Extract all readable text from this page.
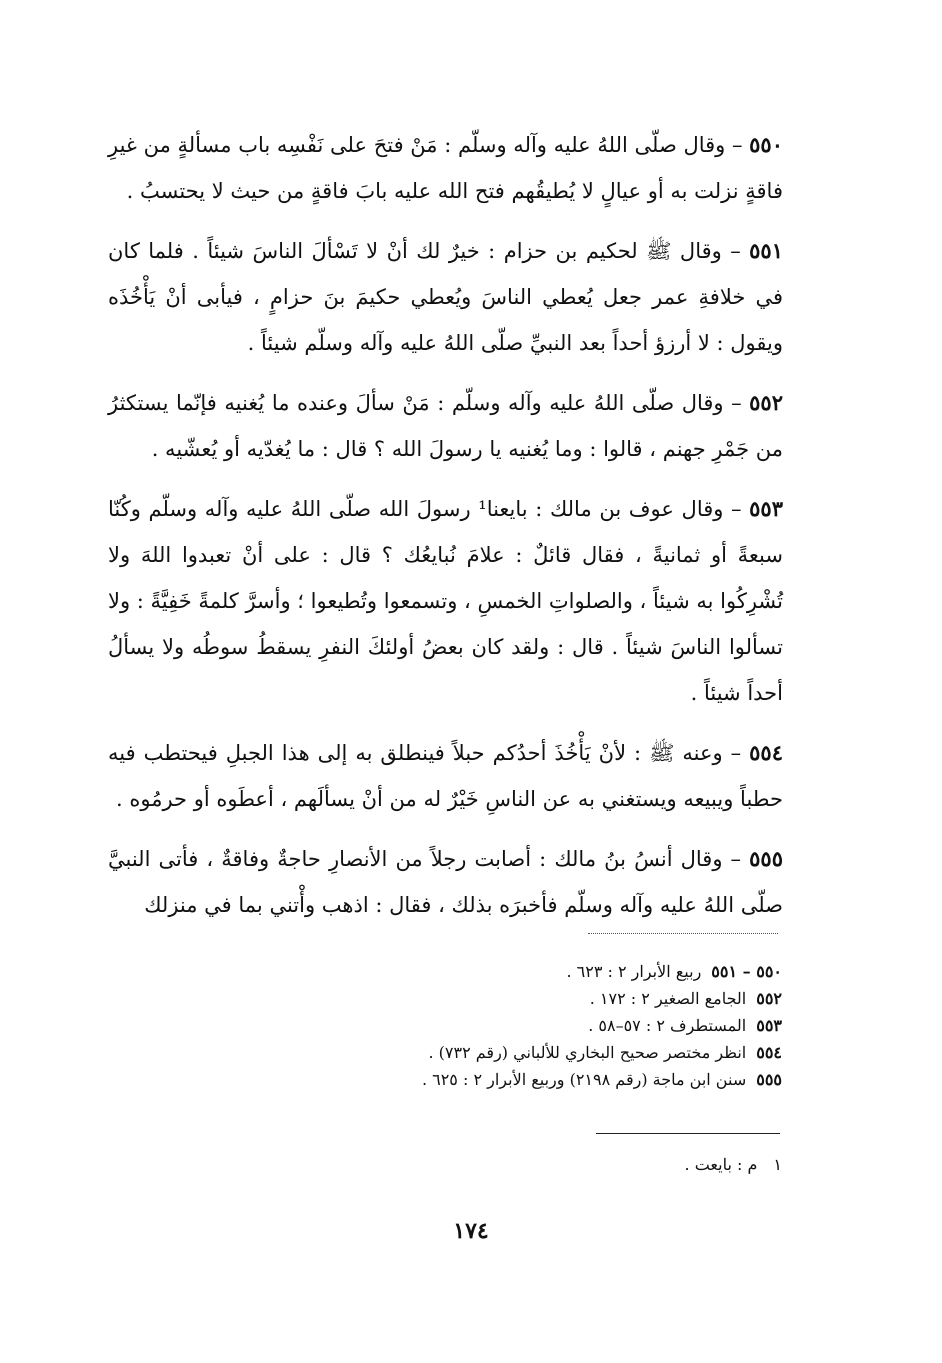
٥٥٠ – وقال صلّى اللهُ عليه وآله وسلّم : مَنْ فتحَ على نَفْسِه باب مسألةٍ من غيرِ فاقةٍ نزلت به أو عيالٍ لا يُطيقُهم فتح الله عليه بابَ فاقةٍ من حيث لا يحتسبُ .

٥٥١ – وقال ﷺ لحكيم بن حزام : خيرٌ لك أنْ لا تَسْألَ الناسَ شيئاً . فلما كان في خلافةِ عمر جعل يُعطي الناسَ ويُعطي حكيمَ بنَ حزامٍ ، فيأبى أنْ يَأْخُذَه ويقول : لا أرزؤ أحداً بعد النبيِّ صلّى اللهُ عليه وآله وسلّم شيئاً .

٥٥٢ – وقال صلّى اللهُ عليه وآله وسلّم : مَنْ سألَ وعنده ما يُغنيه فإنّما يستكثرُ من جَمْرِ جهنم ، قالوا : وما يُغنيه يا رسولَ الله ؟ قال : ما يُغدّيه أو يُعشّيه .

٥٥٣ – وقال عوف بن مالك : بايعنا¹ رسولَ الله صلّى اللهُ عليه وآله وسلّم وكُنّا سبعةً أو ثمانيةً ، فقال قائلٌ : علامَ نُبايعُك ؟ قال : على أنْ تعبدوا اللهَ ولا تُشْرِكُوا به شيئاً ، والصلواتِ الخمسِ ، وتسمعوا وتُطيعوا ؛ وأسرَّ كلمةً خَفِيَّةً : ولا تسألوا الناسَ شيئاً . قال : ولقد كان بعضُ أولئكَ النفرِ يسقطُ سوطُه ولا يسألُ أحداً شيئاً .

٥٥٤ – وعنه ﷺ : لأنْ يَأْخُذَ أحدُكم حبلاً فينطلق به إلى هذا الجبلِ فيحتطب فيه حطباً ويبيعه ويستغني به عن الناسِ خَيْرٌ له من أنْ يسألَهم ، أعطَوه أو حرمُوه .

٥٥٥ – وقال أنسُ بنُ مالك : أصابت رجلاً من الأنصارِ حاجةٌ وفاقةٌ ، فأتى النبيَّ صلّى اللهُ عليه وآله وسلّم فأخبرَه بذلك ، فقال : اذهب وأْتني بما في منزلك

٥٥٠ – ٥٥١ربيع الأبرار ٢ : ٦٢٣ .
٥٥٢الجامع الصغير ٢ : ١٧٢ .
٥٥٣المستطرف ٢ : ٥٧–٥٨ .
٥٥٤انظر مختصر صحيح البخاري للألباني (رقم ٧٣٢) .
٥٥٥سنن ابن ماجة (رقم ٢١٩٨) وربيع الأبرار ٢ : ٦٢٥ .
١م : بايعت .
١٧٤
